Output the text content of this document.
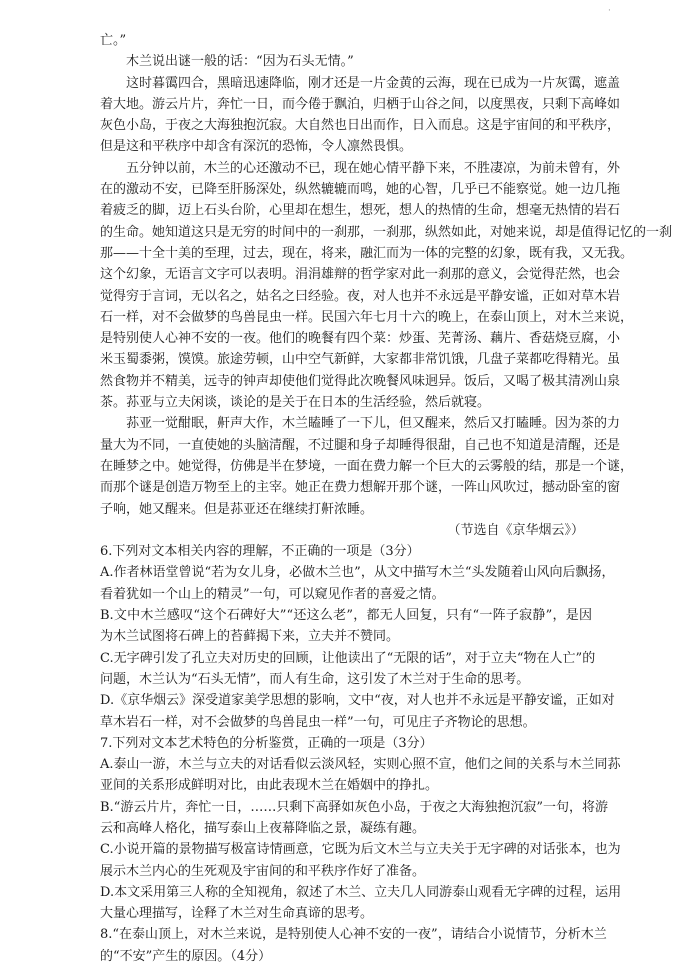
·
亡。”
木兰说出谜一般的话：“因为石头无情。”
这时暮霭四合，黑暗迅速降临，刚才还是一片金黄的云海，现在已成为一片灰霭，遮盖
着大地。游云片片，奔忙一日，而今倦于飘泊，归栖于山谷之间，以度黑夜，只剩下高峰如
灰色小岛，于夜之大海独抱沉寂。大自然也日出而作，日入而息。这是宇宙间的和平秩序，
但是这和平秩序中却含有深沉的恐怖，令人凛然畏惧。
五分钟以前，木兰的心还激动不已，现在她心情平静下来，不胜凄凉，为前未曾有，外
在的激动不安，已降至肝肠深处，纵然辘辘而鸣，她的心智，几乎已不能察觉。她一边几拖
着疲乏的脚，迈上石头台阶，心里却在想生，想死，想人的热情的生命，想毫无热情的岩石
的生命。她知道这只是无穷的时间中的一刹那，一刹那，纵然如此，对她来说，却是值得记忆的一刹
那——十全十美的至理，过去，现在，将来，融汇而为一体的完整的幻象，既有我，又无我。
这个幻象，无语言文字可以表明。涓涓雄辩的哲学家对此一刹那的意义，会觉得茫然，也会
觉得穷于言词，无以名之，姑名之曰经验。夜，对人也并不永远是平静安谧，正如对草木岩
石一样，对不会做梦的鸟兽昆虫一样。民国六年七月十六的晚上，在泰山顶上，对木兰来说，
是特别使人心神不安的一夜。他们的晚餐有四个菜：炒蛋、芜菁汤、藕片、香菇烧豆腐，小
米玉蜀黍粥，馍馍。旅途劳顿，山中空气新鲜，大家都非常饥饿，几盘子菜都吃得精光。虽
然食物并不精美，远寺的钟声却使他们觉得此次晚餐风味迥异。饭后，又喝了极其清冽山泉
茶。荪亚与立夫闲谈，谈论的是关于在日本的生活经验，然后就寝。
荪亚一觉酣眠，鼾声大作，木兰瞌睡了一下儿，但又醒来，然后又打瞌睡。因为茶的力
量大为不同，一直使她的头脑清醒，不过腿和身子却睡得很甜，自己也不知道是清醒，还是
在睡梦之中。她觉得，仿佛是半在梦境，一面在费力解一个巨大的云雾般的结，那是一个谜，
而那个谜是创造万物至上的主宰。她正在费力想解开那个谜，一阵山风吹过，撼动卧室的窗
子响，她又醒来。但是荪亚还在继续打鼾浓睡。
（节选自《京华烟云》）
6.下列对文本相关内容的理解，不正确的一项是（3分）
A.作者林语堂曾说“若为女儿身，必做木兰也”，从文中描写木兰“头发随着山风向后飘扬，
看着犹如一个山上的精灵”一句，可以窥见作者的喜爱之情。
B.文中木兰感叹“这个石碑好大”“还这么老”，都无人回复，只有“一阵子寂静”，是因
为木兰试图将石碑上的苔藓揭下来，立夫并不赞同。
C.无字碑引发了孔立夫对历史的回顾，让他读出了“无限的话”，对于立夫“物在人亡”的
问题，木兰认为“石头无情”，而人有生命，这引发了木兰对于生命的思考。
D.《京华烟云》深受道家美学思想的影响，文中“夜，对人也并不永远是平静安谧，正如对
草木岩石一样，对不会做梦的鸟兽昆虫一样”一句，可见庄子齐物论的思想。
7.下列对文本艺术特色的分析鉴赏，正确的一项是（3分）
A.泰山一游，木兰与立夫的对话看似云淡风轻，实则心照不宣，他们之间的关系与木兰同荪
亚间的关系形成鲜明对比，由此表现木兰在婚姻中的挣扎。
B.“游云片片，奔忙一日，……只剩下高驿如灰色小岛，于夜之大海独抱沉寂”一句，将游
云和高峰人格化，描写泰山上夜幕降临之景，凝练有趣。
C.小说开篇的景物描写极富诗情画意，它既为后文木兰与立夫关于无字碑的对话张本，也为
展示木兰内心的生死观及宇宙间的和平秩序作好了准备。
D.本文采用第三人称的全知视角，叙述了木兰、立夫几人同游泰山观看无字碑的过程，运用
大量心理描写，诠释了木兰对生命真谛的思考。
8.“在泰山顶上，对木兰来说，是特别使人心神不安的一夜”，请结合小说情节，分析木兰
的“不安”产生的原因。（4分）
